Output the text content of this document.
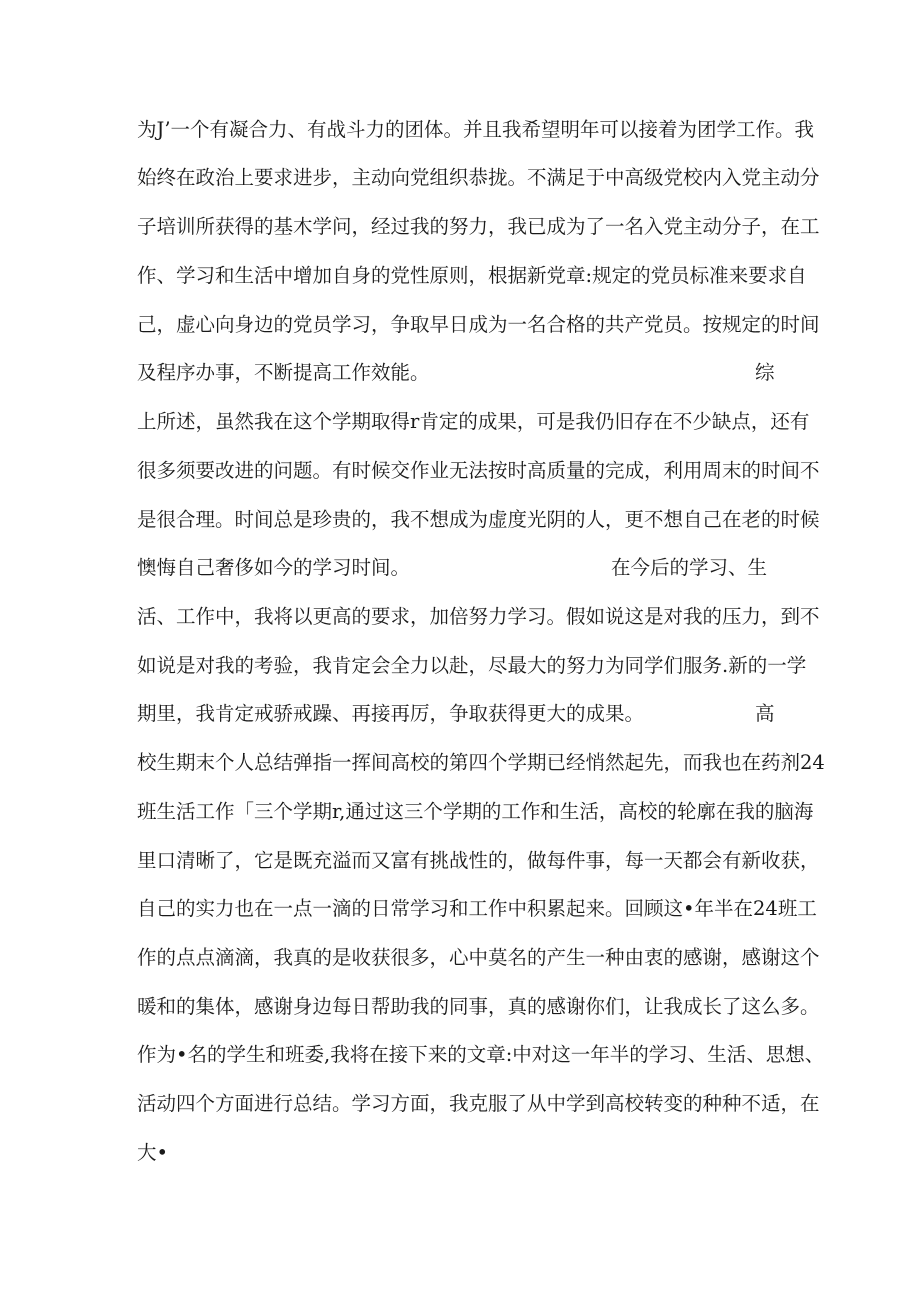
为J’一个有凝合力、有战斗力的团体。并且我希望明年可以接着为团学工作。我
始终在政治上要求进步，主动向党组织恭拢。不满足于中高级党校内入党主动分
子培训所获得的基木学问，经过我的努力，我已成为了一名入党主动分子，在工
作、学习和生活中增加自身的党性原则，根据新党章:规定的党员标准来要求自
己，虚心向身边的党员学习，争取早日成为一名合格的共产党员。按规定的时间
及程序办事，不断提高工作效能。	综
上所述，虽然我在这个学期取得r肯定的成果，可是我仍旧存在不少缺点，还有
很多须要改进的问题。有时候交作业无法按时高质量的完成，利用周末的时间不
是很合理。时间总是珍贵的，我不想成为虚度光阴的人，更不想自己在老的时候
懊悔自己奢侈如今的学习时间。	在今后的学习、生
活、工作中，我将以更高的要求，加倍努力学习。假如说这是对我的压力，到不
如说是对我的考验，我肯定会全力以赴，尽最大的努力为同学们服务.新的一学
期里，我肯定戒骄戒躁、再接再厉，争取获得更大的成果。	高
校生期末个人总结弹指一挥间高校的第四个学期已经悄然起先，而我也在药剂24
班生活工作「三个学期r,通过这三个学期的工作和生活，高校的轮廓在我的脑海
里口清晰了，它是既充溢而又富有挑战性的，做每件事，每一天都会有新收获，
自己的实力也在一点一滴的日常学习和工作中积累起来。回顾这•年半在24班工
作的点点滴滴，我真的是收获很多，心中莫名的产生一种由衷的感谢，感谢这个
暖和的集体，感谢身边每日帮助我的同事，真的感谢你们，让我成长了这么多。
作为•名的学生和班委,我将在接下来的文章:中对这一年半的学习、生活、思想、
活动四个方面进行总结。学习方面，我克服了从中学到高校转变的种种不适，在
大•
